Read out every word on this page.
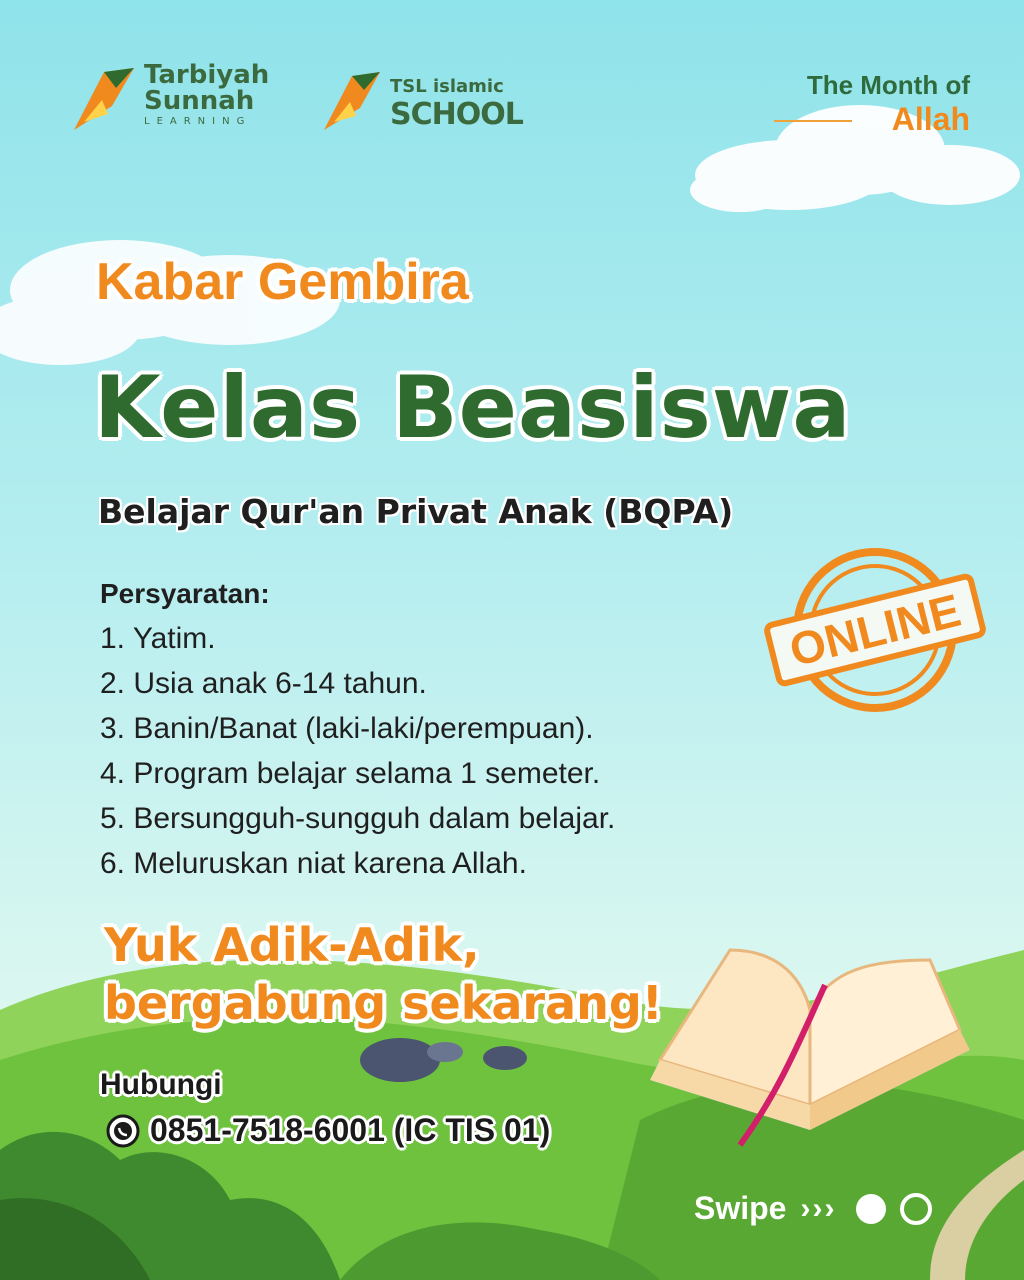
Tarbiyah
Sunnah
LEARNING
TSL islamic
SCHOOL
The Month of
Allah
Kabar Gembira
Kelas Beasiswa
Belajar Qur'an Privat Anak (BQPA)
ONLINE
Persyaratan:
1. Yatim.
2. Usia anak 6-14 tahun.
3. Banin/Banat (laki-laki/perempuan).
4. Program belajar selama 1 semeter.
5. Bersungguh-sungguh dalam belajar.
6. Meluruskan niat karena Allah.
Yuk Adik-Adik,
bergabung sekarang!
Hubungi
0851-7518-6001 (IC TIS 01)
Swipe ›››
